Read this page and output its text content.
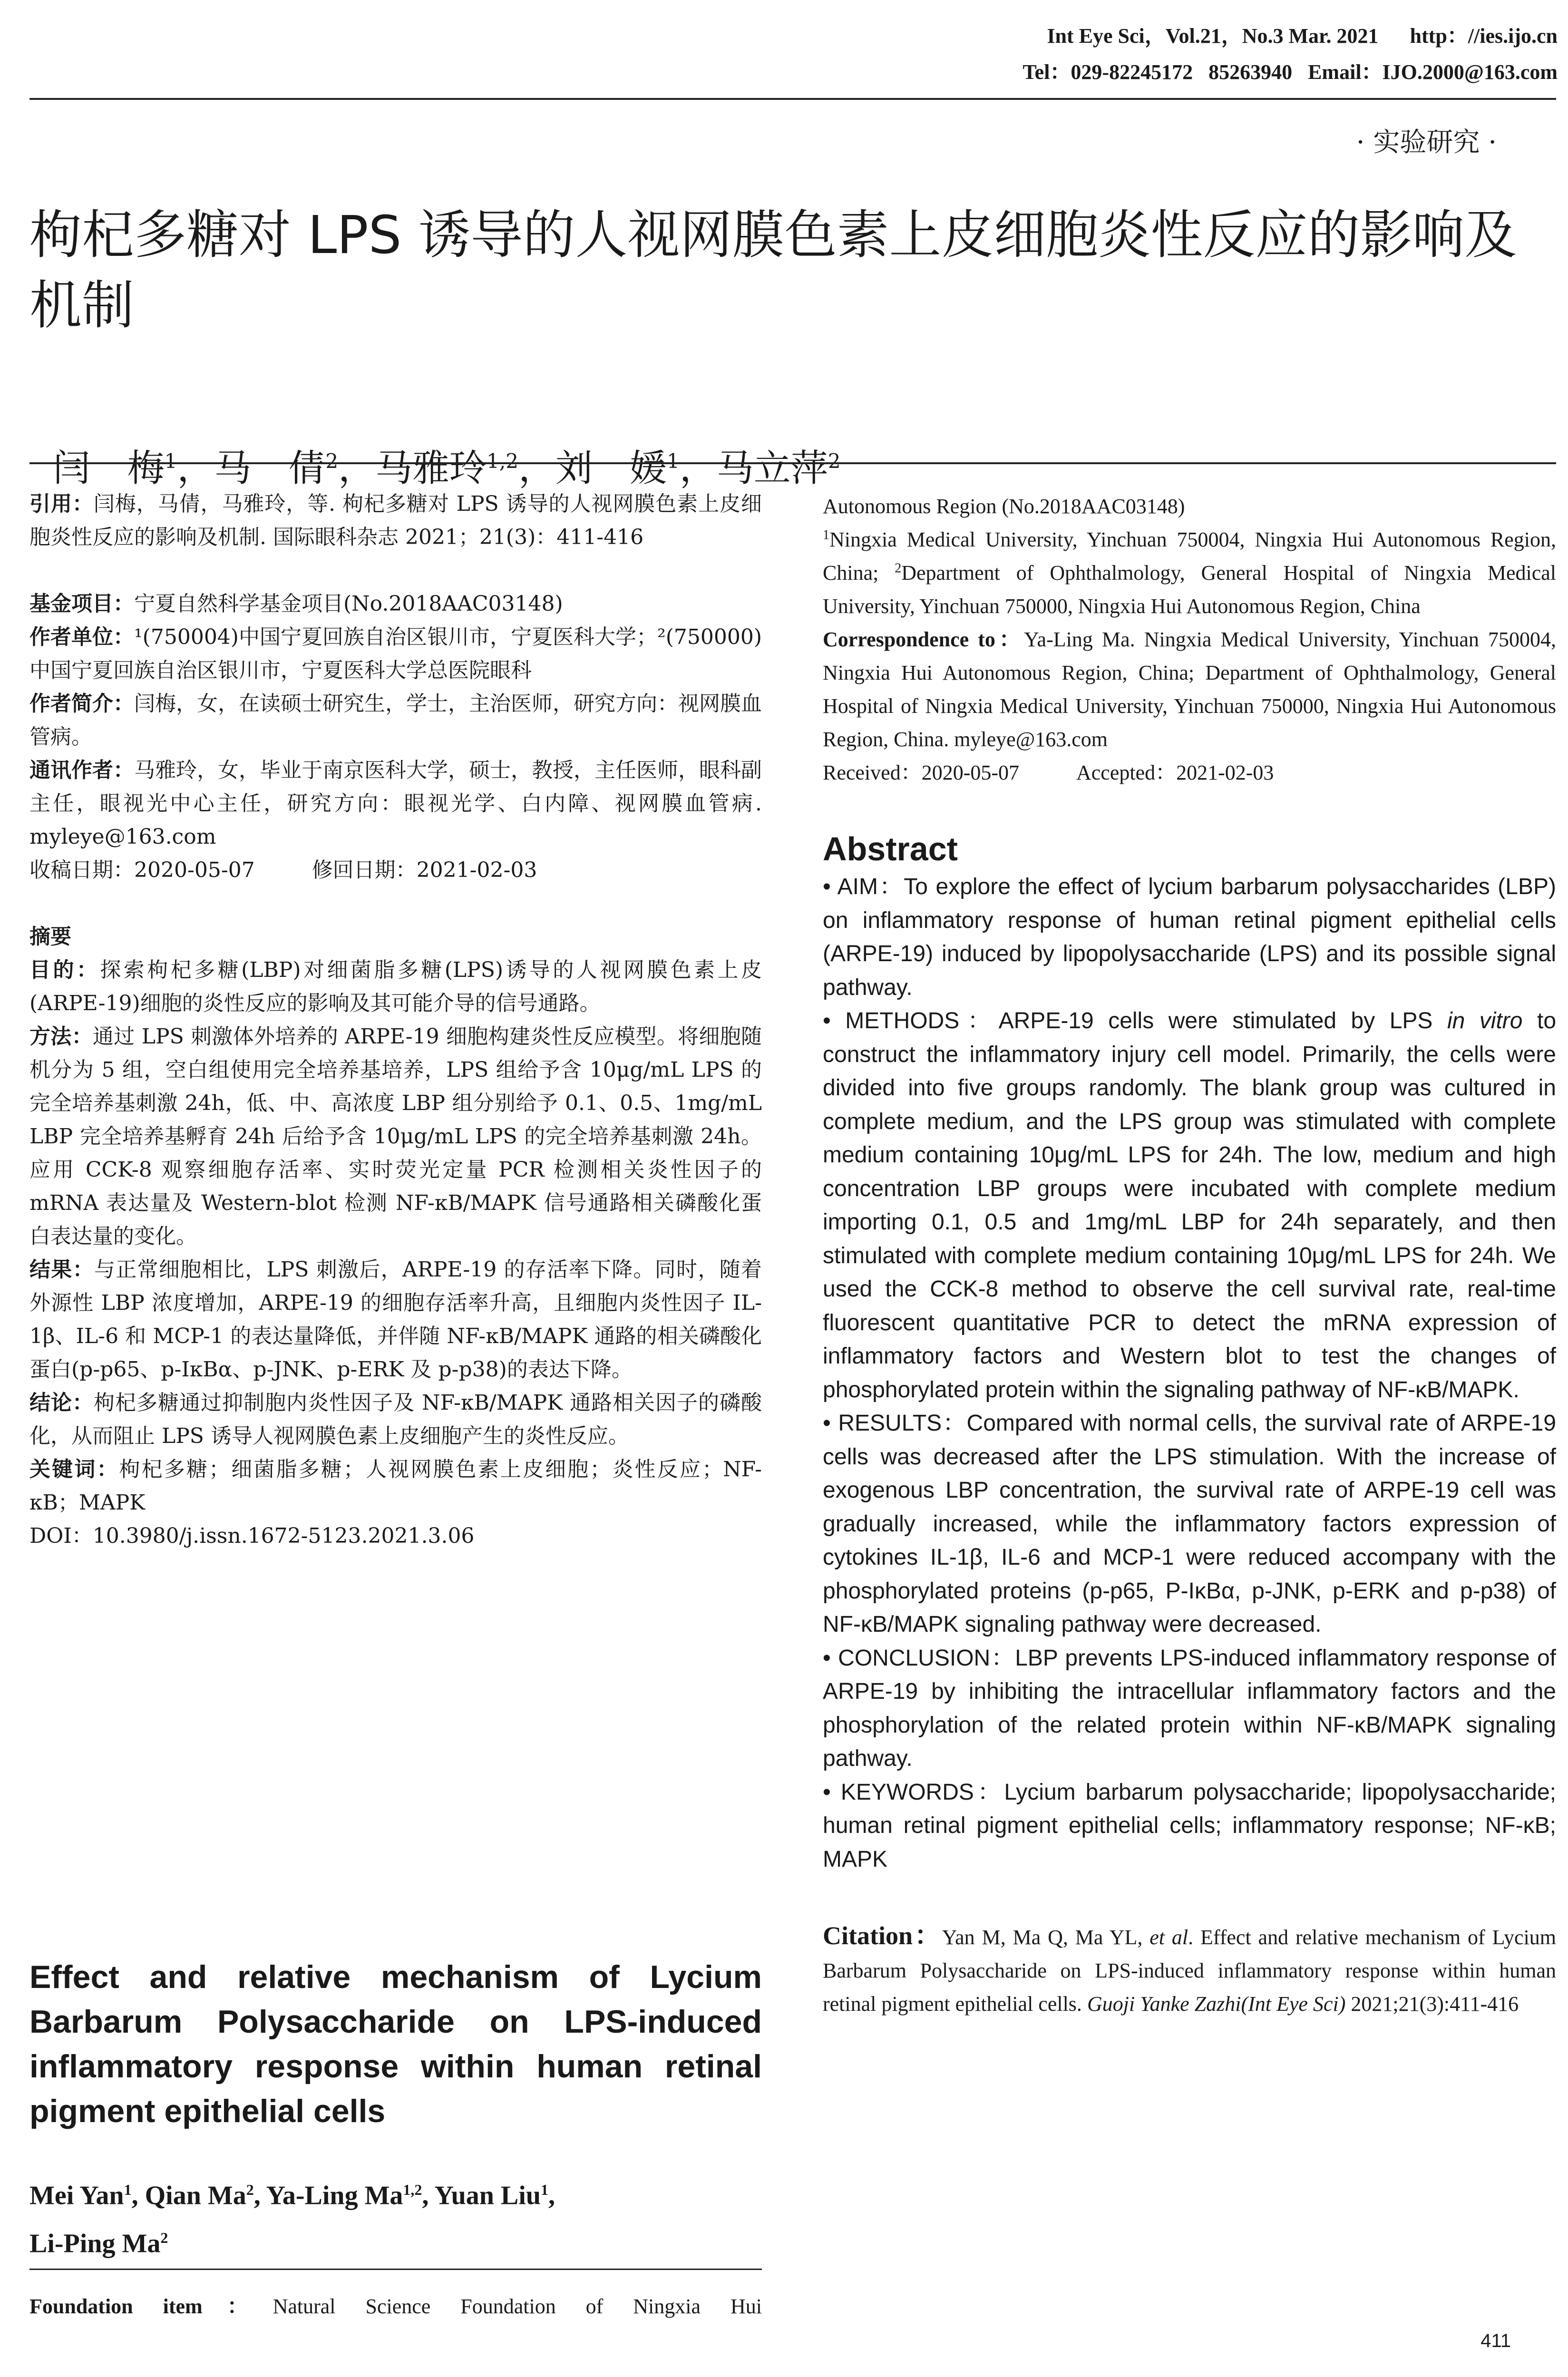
Int Eye Sci，Vol.21，No.3 Mar. 2021      http：//ies.ijo.cn
Tel：029-82245172   85263940   Email：IJO.2000@163.com
· 实验研究 ·
枸杞多糖对 LPS 诱导的人视网膜色素上皮细胞炎性反应的影响及机制

闫　梅$^1$，马　倩$^2$，马雅玲$^{1,2}$，刘　媛$^1$，马立萍$^2$

引用：闫梅，马倩，马雅玲，等. 枸杞多糖对 LPS 诱导的人视网膜色素上皮细胞炎性反应的影响及机制. 国际眼科杂志 2021；21(3)：411-416

基金项目：宁夏自然科学基金项目(No.2018AAC03148)

作者单位：¹(750004)中国宁夏回族自治区银川市，宁夏医科大学；²(750000)中国宁夏回族自治区银川市，宁夏医科大学总医院眼科

作者简介：闫梅，女，在读硕士研究生，学士，主治医师，研究方向：视网膜血管病。

通讯作者：马雅玲，女，毕业于南京医科大学，硕士，教授，主任医师，眼科副主任，眼视光中心主任，研究方向：眼视光学、白内障、视网膜血管病. myleye@163.com

收稿日期：2020-05-07	修回日期：2021-02-03

摘要

目的：探索枸杞多糖(LBP)对细菌脂多糖(LPS)诱导的人视网膜色素上皮(ARPE-19)细胞的炎性反应的影响及其可能介导的信号通路。

方法：通过 LPS 刺激体外培养的 ARPE-19 细胞构建炎性反应模型。将细胞随机分为 5 组，空白组使用完全培养基培养，LPS 组给予含 10μg/mL LPS 的完全培养基刺激 24h，低、中、高浓度 LBP 组分别给予 0.1、0.5、1mg/mL LBP 完全培养基孵育 24h 后给予含 10μg/mL LPS 的完全培养基刺激 24h。应用 CCK-8 观察细胞存活率、实时荧光定量 PCR 检测相关炎性因子的 mRNA 表达量及 Western-blot 检测 NF-κB/MAPK 信号通路相关磷酸化蛋白表达量的变化。

结果：与正常细胞相比，LPS 刺激后，ARPE-19 的存活率下降。同时，随着外源性 LBP 浓度增加，ARPE-19 的细胞存活率升高，且细胞内炎性因子 IL-1β、IL-6 和 MCP-1 的表达量降低，并伴随 NF-κB/MAPK 通路的相关磷酸化蛋白(p-p65、p-IκBα、p-JNK、p-ERK 及 p-p38)的表达下降。

结论：枸杞多糖通过抑制胞内炎性因子及 NF-κB/MAPK 通路相关因子的磷酸化，从而阻止 LPS 诱导人视网膜色素上皮细胞产生的炎性反应。

关键词：枸杞多糖；细菌脂多糖；人视网膜色素上皮细胞；炎性反应；NF-κB；MAPK

DOI：10.3980/j.issn.1672-5123.2021.3.06

Effect and relative mechanism of Lycium Barbarum Polysaccharide on LPS-induced inflammatory response within human retinal pigment epithelial cells
Mei Yan$^1$, Qian Ma$^2$, Ya-Ling Ma$^{1,2}$, Yuan Liu$^1$,
Li-Ping Ma$^2$
Foundation item：Natural Science Foundation of Ningxia Hui
Autonomous Region (No.2018AAC03148)
$^1$Ningxia Medical University, Yinchuan 750004, Ningxia Hui Autonomous Region, China; $^2$Department of Ophthalmology, General Hospital of Ningxia Medical University, Yinchuan 750000, Ningxia Hui Autonomous Region, China
Correspondence to：Ya-Ling Ma. Ningxia Medical University, Yinchuan 750004, Ningxia Hui Autonomous Region, China; Department of Ophthalmology, General Hospital of Ningxia Medical University, Yinchuan 750000, Ningxia Hui Autonomous Region, China. myleye@163.com
Received：2020-05-07	Accepted：2021-02-03
Abstract
• AIM：To explore the effect of lycium barbarum polysaccharides (LBP) on inflammatory response of human retinal pigment epithelial cells (ARPE-19) induced by lipopolysaccharide (LPS) and its possible signal pathway.
• METHODS：ARPE-19 cells were stimulated by LPS in vitro to construct the inflammatory injury cell model. Primarily, the cells were divided into five groups randomly. The blank group was cultured in complete medium, and the LPS group was stimulated with complete medium containing 10μg/mL LPS for 24h. The low, medium and high concentration LBP groups were incubated with complete medium importing 0.1, 0.5 and 1mg/mL LBP for 24h separately, and then stimulated with complete medium containing 10μg/mL LPS for 24h. We used the CCK-8 method to observe the cell survival rate, real-time fluorescent quantitative PCR to detect the mRNA expression of inflammatory factors and Western blot to test the changes of phosphorylated protein within the signaling pathway of NF-κB/MAPK.
• RESULTS：Compared with normal cells, the survival rate of ARPE-19 cells was decreased after the LPS stimulation. With the increase of exogenous LBP concentration, the survival rate of ARPE-19 cell was gradually increased, while the inflammatory factors expression of cytokines IL-1β, IL-6 and MCP-1 were reduced accompany with the phosphorylated proteins (p-p65, P-IκBα, p-JNK, p-ERK and p-p38) of NF-κB/MAPK signaling pathway were decreased.
• CONCLUSION：LBP prevents LPS-induced inflammatory response of ARPE-19 by inhibiting the intracellular inflammatory factors and the phosphorylation of the related protein within NF-κB/MAPK signaling pathway.
• KEYWORDS：Lycium barbarum polysaccharide; lipopolysaccharide; human retinal pigment epithelial cells; inflammatory response; NF-κB; MAPK
Citation：Yan M, Ma Q, Ma YL, et al. Effect and relative mechanism of Lycium Barbarum Polysaccharide on LPS-induced inflammatory response within human retinal pigment epithelial cells. Guoji Yanke Zazhi(Int Eye Sci) 2021;21(3):411-416
411
